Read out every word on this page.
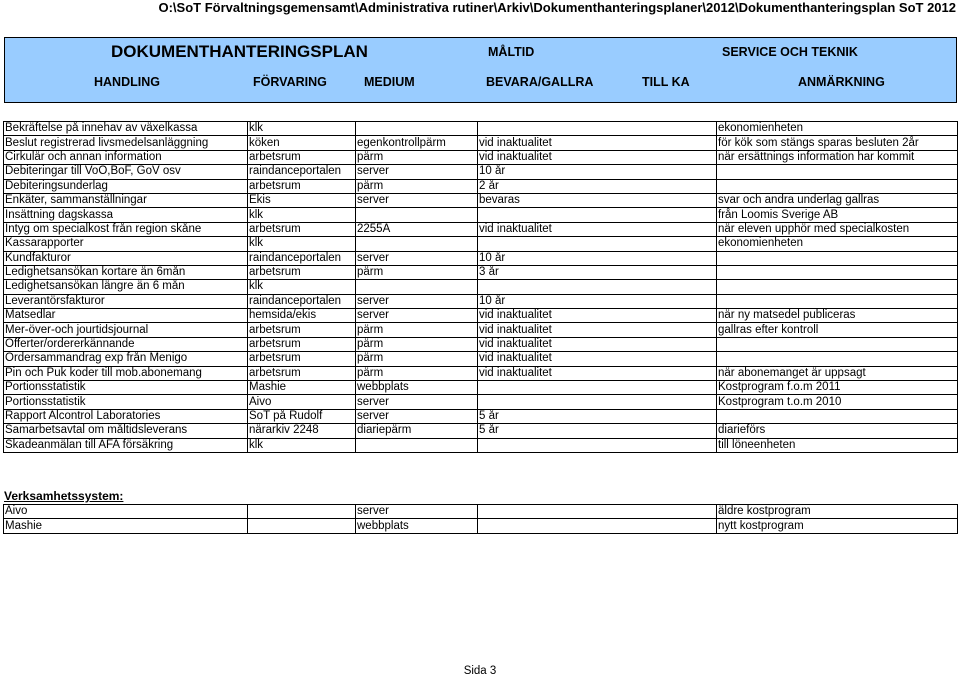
O:\SoT Förvaltningsgemensamt\Administrativa rutiner\Arkiv\Dokumenthanteringsplaner\2012\Dokumenthanteringsplan SoT 2012
DOKUMENTHANTERINGSPLAN	MÅLTID	SERVICE OCH TEKNIK
HANDLING	FÖRVARING	MEDIUM	BEVARA/GALLRA	TILL KA	ANMÄRKNING
Bekräftelse på innehav av växelkassa	klk			ekonomienheten
Beslut registrerad livsmedelsanläggning	köken	egenkontrollpärm	vid inaktualitet	för kök som stängs sparas besluten 2år
Cirkulär och annan information	arbetsrum	pärm	vid inaktualitet	när ersättnings information har kommit
Debiteringar till VoO,BoF, GoV osv	raindanceportalen	server	10 år	
Debiteringsunderlag	arbetsrum	pärm	2 år	
Enkäter, sammanställningar	Ekis	server	bevaras	svar och andra underlag gallras
Insättning dagskassa	klk			från Loomis Sverige AB
Intyg om specialkost från region skåne	arbetsrum	2255A	vid inaktualitet	när eleven upphör med specialkosten
Kassarapporter	klk			ekonomienheten
Kundfakturor	raindanceportalen	server	10 år	
Ledighetsansökan kortare än 6mån	arbetsrum	pärm	3 år	
Ledighetsansökan längre än 6 mån	klk			
Leverantörsfakturor	raindanceportalen	server	10 år	
Matsedlar	hemsida/ekis	server	vid inaktualitet	när ny matsedel publiceras
Mer-över-och jourtidsjournal	arbetsrum	pärm	vid inaktualitet	gallras efter kontroll
Offerter/ordererkännande	arbetsrum	pärm	vid inaktualitet	
Ordersammandrag exp från Menigo	arbetsrum	pärm	vid inaktualitet	
Pin och Puk koder till mob.abonemang	arbetsrum	pärm	vid inaktualitet	när abonemanget är uppsagt
Portionsstatistik	Mashie	webbplats		Kostprogram f.o.m 2011
Portionsstatistik	Aivo	server		Kostprogram t.o.m 2010
Rapport Alcontrol Laboratories	SoT på Rudolf	server	5 år	
Samarbetsavtal om måltidsleverans	närarkiv 2248	diariepärm	5 år	diarieförs
Skadeanmälan till AFA försäkring	klk			till löneenheten
Verksamhetssystem:
Aivo		server		äldre kostprogram
Mashie		webbplats		nytt kostprogram
Sida 3
